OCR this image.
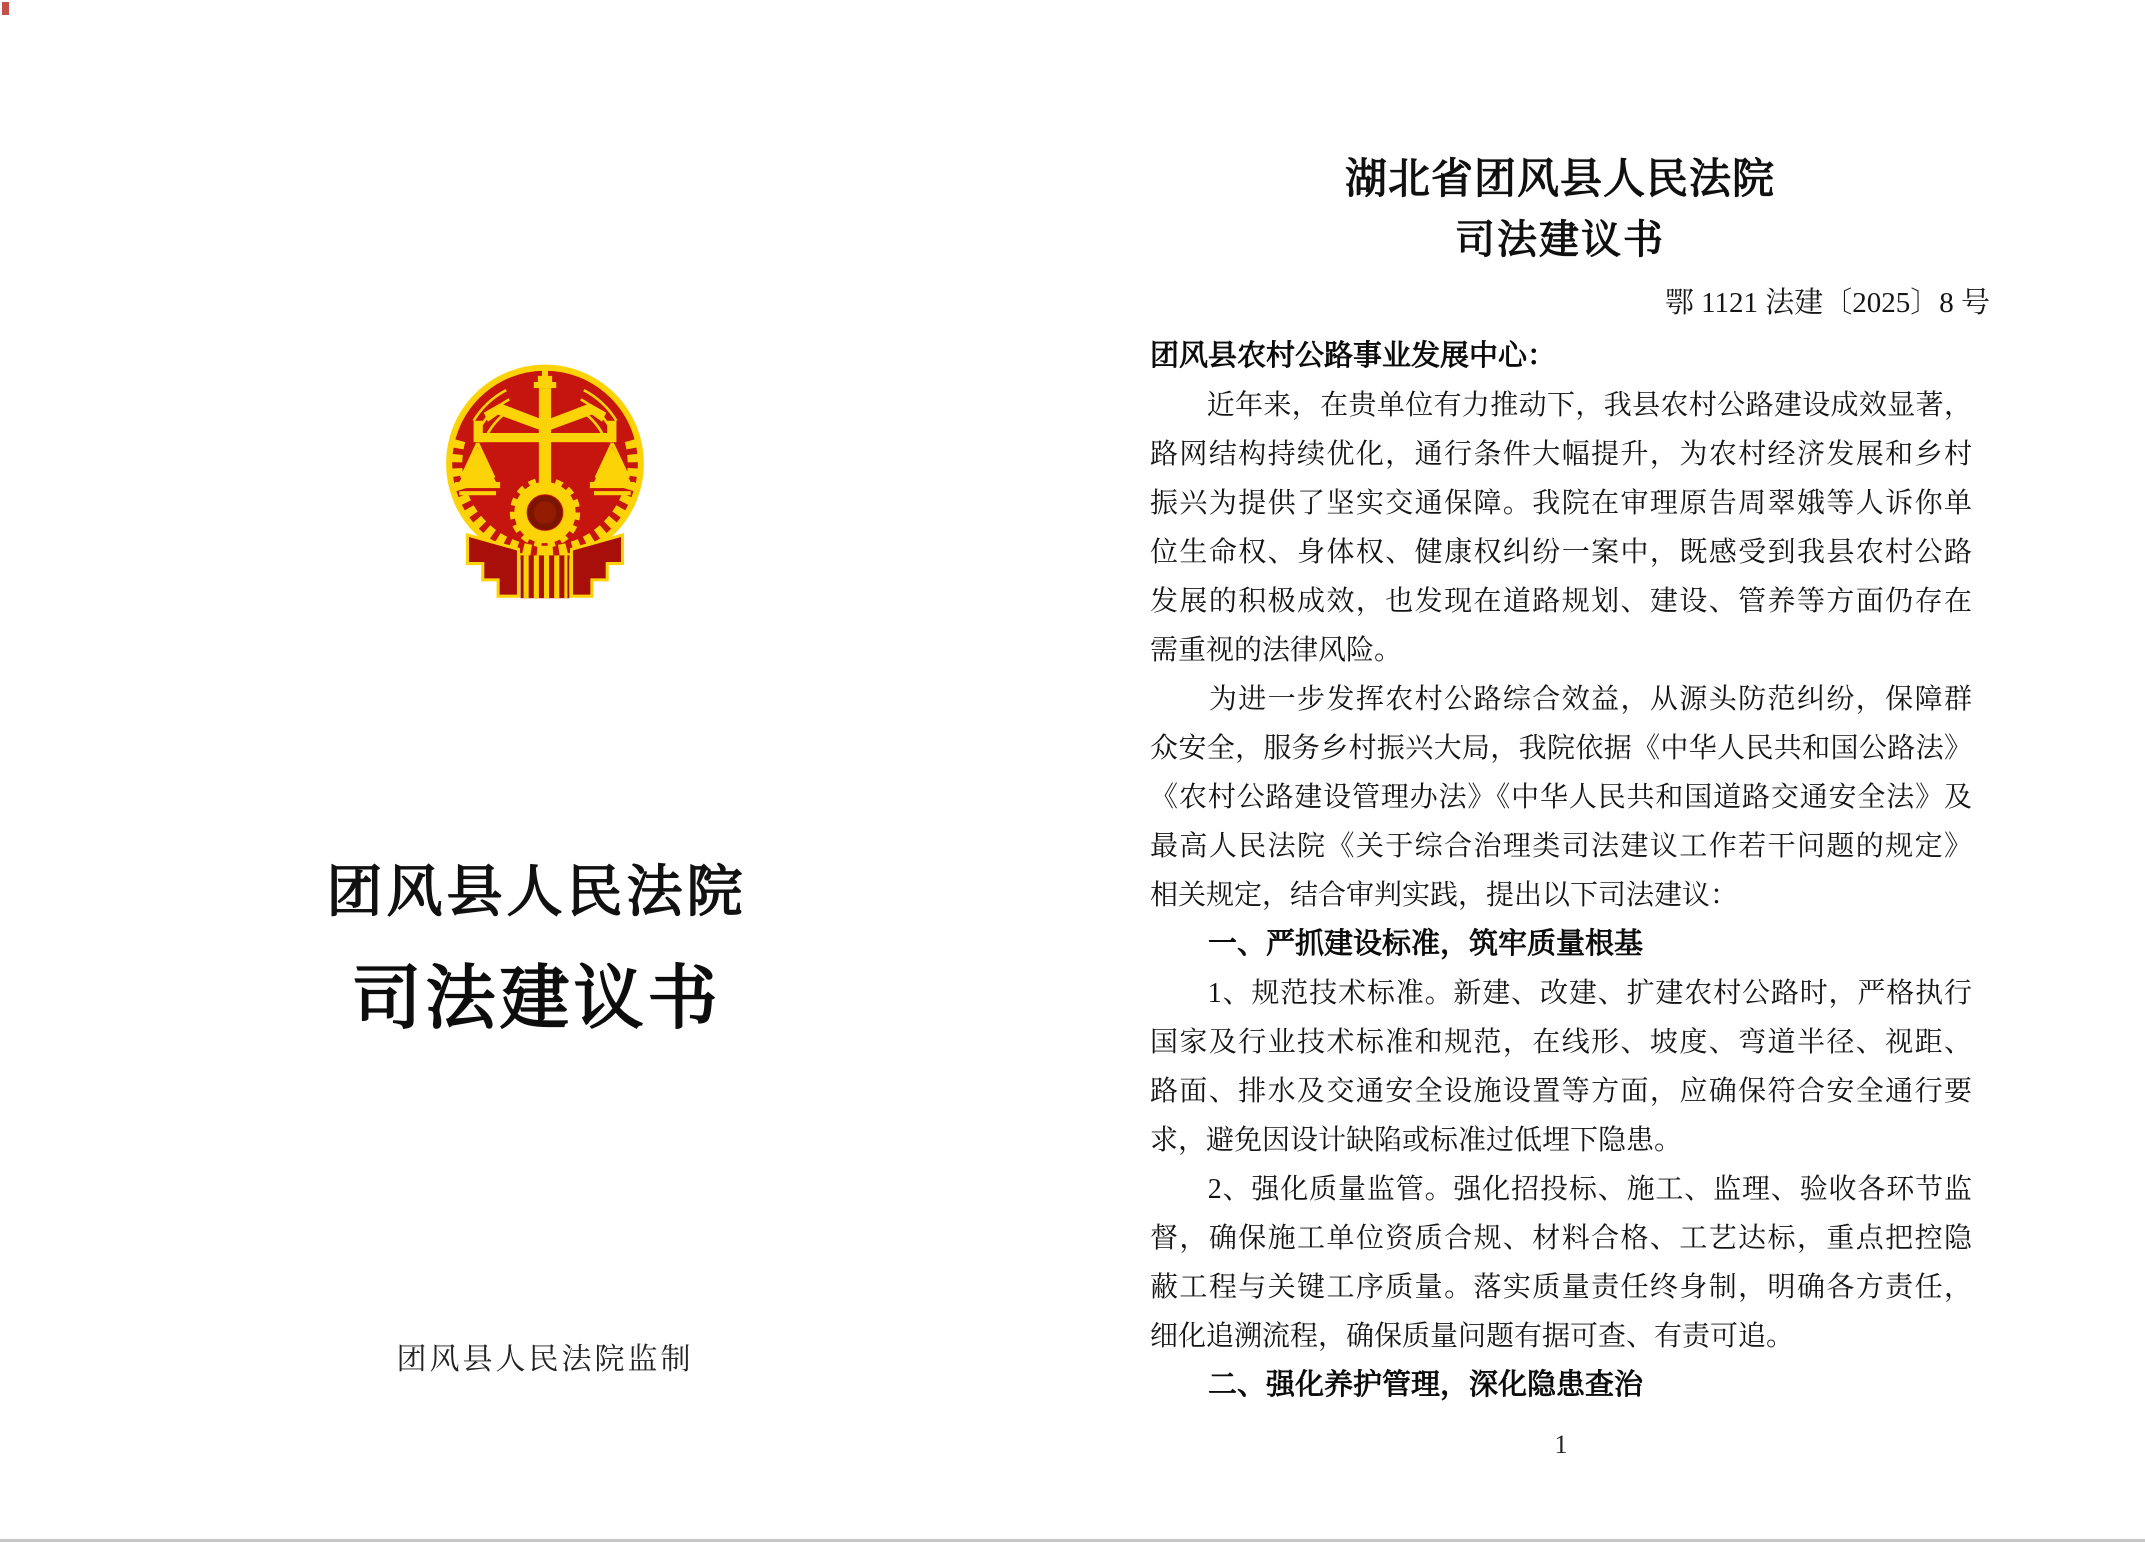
团风县人民法院
司法建议书
团风县人民法院监制
湖北省团风县人民法院
司法建议书
鄂 1121 法建〔2025〕8 号
团风县农村公路事业发展中心：
　　近年来，在贵单位有力推动下，我县农村公路建设成效显著，
路网结构持续优化，通行条件大幅提升，为农村经济发展和乡村
振兴为提供了坚实交通保障。我院在审理原告周翠娥等人诉你单
位生命权、身体权、健康权纠纷一案中，既感受到我县农村公路
发展的积极成效，也发现在道路规划、建设、管养等方面仍存在
需重视的法律风险。
　　为进一步发挥农村公路综合效益，从源头防范纠纷，保障群
众安全，服务乡村振兴大局，我院依据《中华人民共和国公路法》
《农村公路建设管理办法》《中华人民共和国道路交通安全法》及
最高人民法院《关于综合治理类司法建议工作若干问题的规定》
相关规定，结合审判实践，提出以下司法建议：
　　一、严抓建设标准，筑牢质量根基
　　1、规范技术标准。新建、改建、扩建农村公路时，严格执行
国家及行业技术标准和规范，在线形、坡度、弯道半径、视距、
路面、排水及交通安全设施设置等方面，应确保符合安全通行要
求，避免因设计缺陷或标准过低埋下隐患。
　　2、强化质量监管。强化招投标、施工、监理、验收各环节监
督，确保施工单位资质合规、材料合格、工艺达标，重点把控隐
蔽工程与关键工序质量。落实质量责任终身制，明确各方责任，
细化追溯流程，确保质量问题有据可查、有责可追。
　　二、强化养护管理，深化隐患查治
1
